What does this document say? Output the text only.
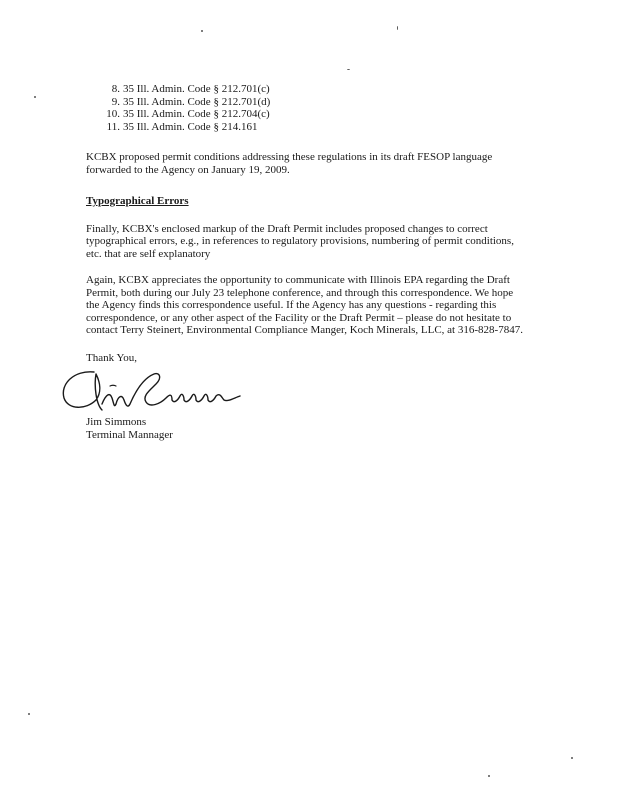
8. 35 Ill. Admin. Code § 212.701(c)
9. 35 Ill. Admin. Code § 212.701(d)
10. 35 Ill. Admin. Code § 212.704(c)
11. 35 Ill. Admin. Code § 214.161

KCBX proposed permit conditions addressing these regulations in its draft FESOP language forwarded to the Agency on January 19, 2009.

Typographical Errors

Finally, KCBX's enclosed markup of the Draft Permit includes proposed changes to correct typographical errors, e.g., in references to regulatory provisions, numbering of permit conditions, etc. that are self explanatory

Again, KCBX appreciates the opportunity to communicate with Illinois EPA regarding the Draft Permit, both during our July 23 telephone conference, and through this correspondence. We hope the Agency finds this correspondence useful. If the Agency has any questions - regarding this correspondence, or any other aspect of the Facility or the Draft Permit – please do not hesitate to contact Terry Steinert, Environmental Compliance Manger, Koch Minerals, LLC, at 316-828-7847.

Thank You,

Jim Simmons

Terminal Mannager
